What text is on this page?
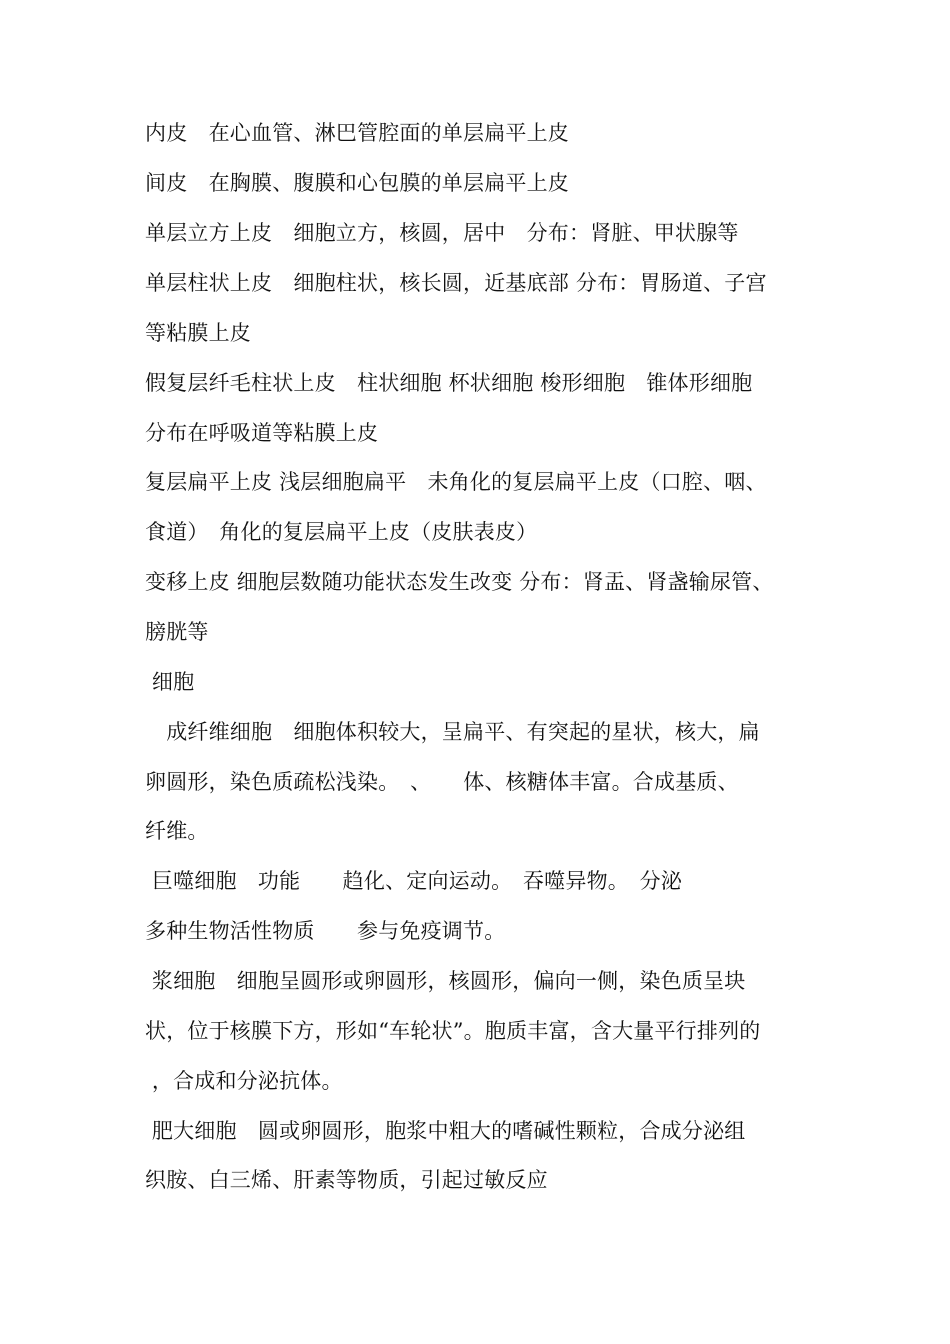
内皮　在心血管、淋巴管腔面的单层扁平上皮
间皮　在胸膜、腹膜和心包膜的单层扁平上皮
单层立方上皮　细胞立方，核圆，居中　分布：肾脏、甲状腺等
单层柱状上皮　细胞柱状，核长圆，近基底部 分布：胃肠道、子宫
等粘膜上皮
假复层纤毛柱状上皮　柱状细胞 杯状细胞 梭形细胞　锥体形细胞
分布在呼吸道等粘膜上皮
复层扁平上皮 浅层细胞扁平　未角化的复层扁平上皮（口腔、咽、
食道）　角化的复层扁平上皮（皮肤表皮）
变移上皮 细胞层数随功能状态发生改变 分布：肾盂、肾盏输尿管、
膀胱等
细胞
　成纤维细胞　细胞体积较大，呈扁平、有突起的星状，核大，扁
卵圆形，染色质疏松浅染。　、　　体、核糖体丰富。合成基质、
纤维。
巨噬细胞　功能　　趋化、定向运动。　吞噬异物。　分泌
多种生物活性物质　　参与免疫调节。
浆细胞　细胞呈圆形或卵圆形，核圆形，偏向一侧，染色质呈块
状，位于核膜下方，形如“车轮状”。胞质丰富，含大量平行排列的
，合成和分泌抗体。
肥大细胞　圆或卵圆形，胞浆中粗大的嗜碱性颗粒，合成分泌组
织胺、白三烯、肝素等物质，引起过敏反应
